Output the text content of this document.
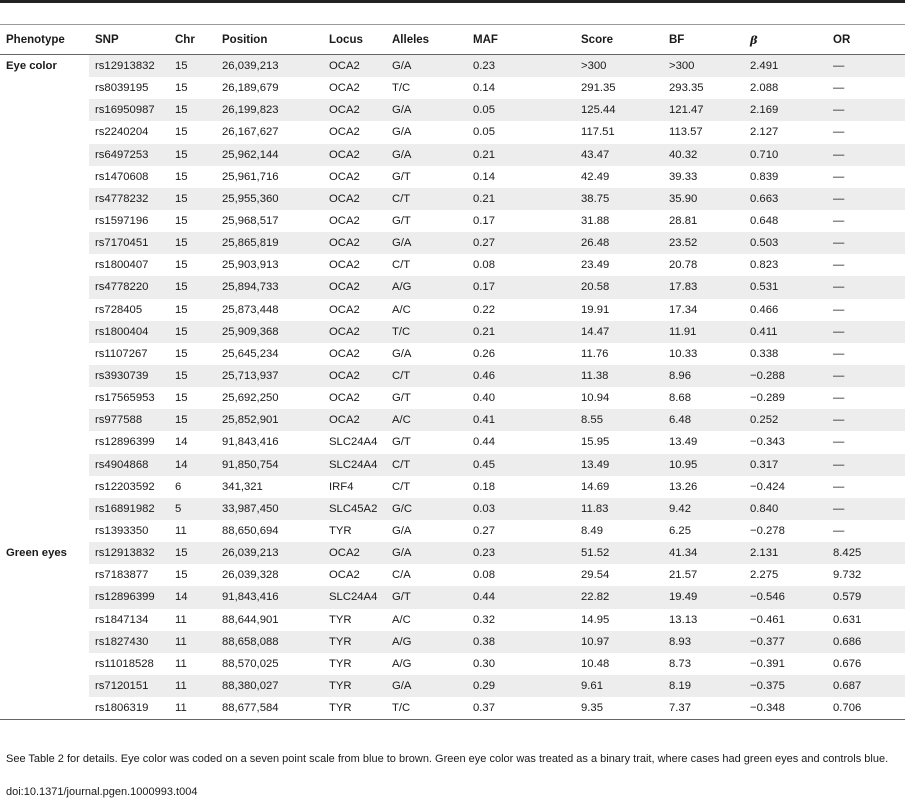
Phenotype	SNP	Chr	Position	Locus	Alleles	MAF	Score	BF	β	OR
Eye color	rs12913832	15	26,039,213	OCA2	G/A	0.23	>300	>300	2.491	—
	rs8039195	15	26,189,679	OCA2	T/C	0.14	291.35	293.35	2.088	—
	rs16950987	15	26,199,823	OCA2	G/A	0.05	125.44	121.47	2.169	—
	rs2240204	15	26,167,627	OCA2	G/A	0.05	117.51	113.57	2.127	—
	rs6497253	15	25,962,144	OCA2	G/A	0.21	43.47	40.32	0.710	—
	rs1470608	15	25,961,716	OCA2	G/T	0.14	42.49	39.33	0.839	—
	rs4778232	15	25,955,360	OCA2	C/T	0.21	38.75	35.90	0.663	—
	rs1597196	15	25,968,517	OCA2	G/T	0.17	31.88	28.81	0.648	—
	rs7170451	15	25,865,819	OCA2	G/A	0.27	26.48	23.52	0.503	—
	rs1800407	15	25,903,913	OCA2	C/T	0.08	23.49	20.78	0.823	—
	rs4778220	15	25,894,733	OCA2	A/G	0.17	20.58	17.83	0.531	—
	rs728405	15	25,873,448	OCA2	A/C	0.22	19.91	17.34	0.466	—
	rs1800404	15	25,909,368	OCA2	T/C	0.21	14.47	11.91	0.411	—
	rs1107267	15	25,645,234	OCA2	G/A	0.26	11.76	10.33	0.338	—
	rs3930739	15	25,713,937	OCA2	C/T	0.46	11.38	8.96	−0.288	—
	rs17565953	15	25,692,250	OCA2	G/T	0.40	10.94	8.68	−0.289	—
	rs977588	15	25,852,901	OCA2	A/C	0.41	8.55	6.48	0.252	—
	rs12896399	14	91,843,416	SLC24A4	G/T	0.44	15.95	13.49	−0.343	—
	rs4904868	14	91,850,754	SLC24A4	C/T	0.45	13.49	10.95	0.317	—
	rs12203592	6	341,321	IRF4	C/T	0.18	14.69	13.26	−0.424	—
	rs16891982	5	33,987,450	SLC45A2	G/C	0.03	11.83	9.42	0.840	—
	rs1393350	11	88,650,694	TYR	G/A	0.27	8.49	6.25	−0.278	—
Green eyes	rs12913832	15	26,039,213	OCA2	G/A	0.23	51.52	41.34	2.131	8.425
	rs7183877	15	26,039,328	OCA2	C/A	0.08	29.54	21.57	2.275	9.732
	rs12896399	14	91,843,416	SLC24A4	G/T	0.44	22.82	19.49	−0.546	0.579
	rs1847134	11	88,644,901	TYR	A/C	0.32	14.95	13.13	−0.461	0.631
	rs1827430	11	88,658,088	TYR	A/G	0.38	10.97	8.93	−0.377	0.686
	rs11018528	11	88,570,025	TYR	A/G	0.30	10.48	8.73	−0.391	0.676
	rs7120151	11	88,380,027	TYR	G/A	0.29	9.61	8.19	−0.375	0.687
	rs1806319	11	88,677,584	TYR	T/C	0.37	9.35	7.37	−0.348	0.706
See Table 2 for details. Eye color was coded on a seven point scale from blue to brown. Green eye color was treated as a binary trait, where cases had green eyes and controls blue.
doi:10.1371/journal.pgen.1000993.t004
